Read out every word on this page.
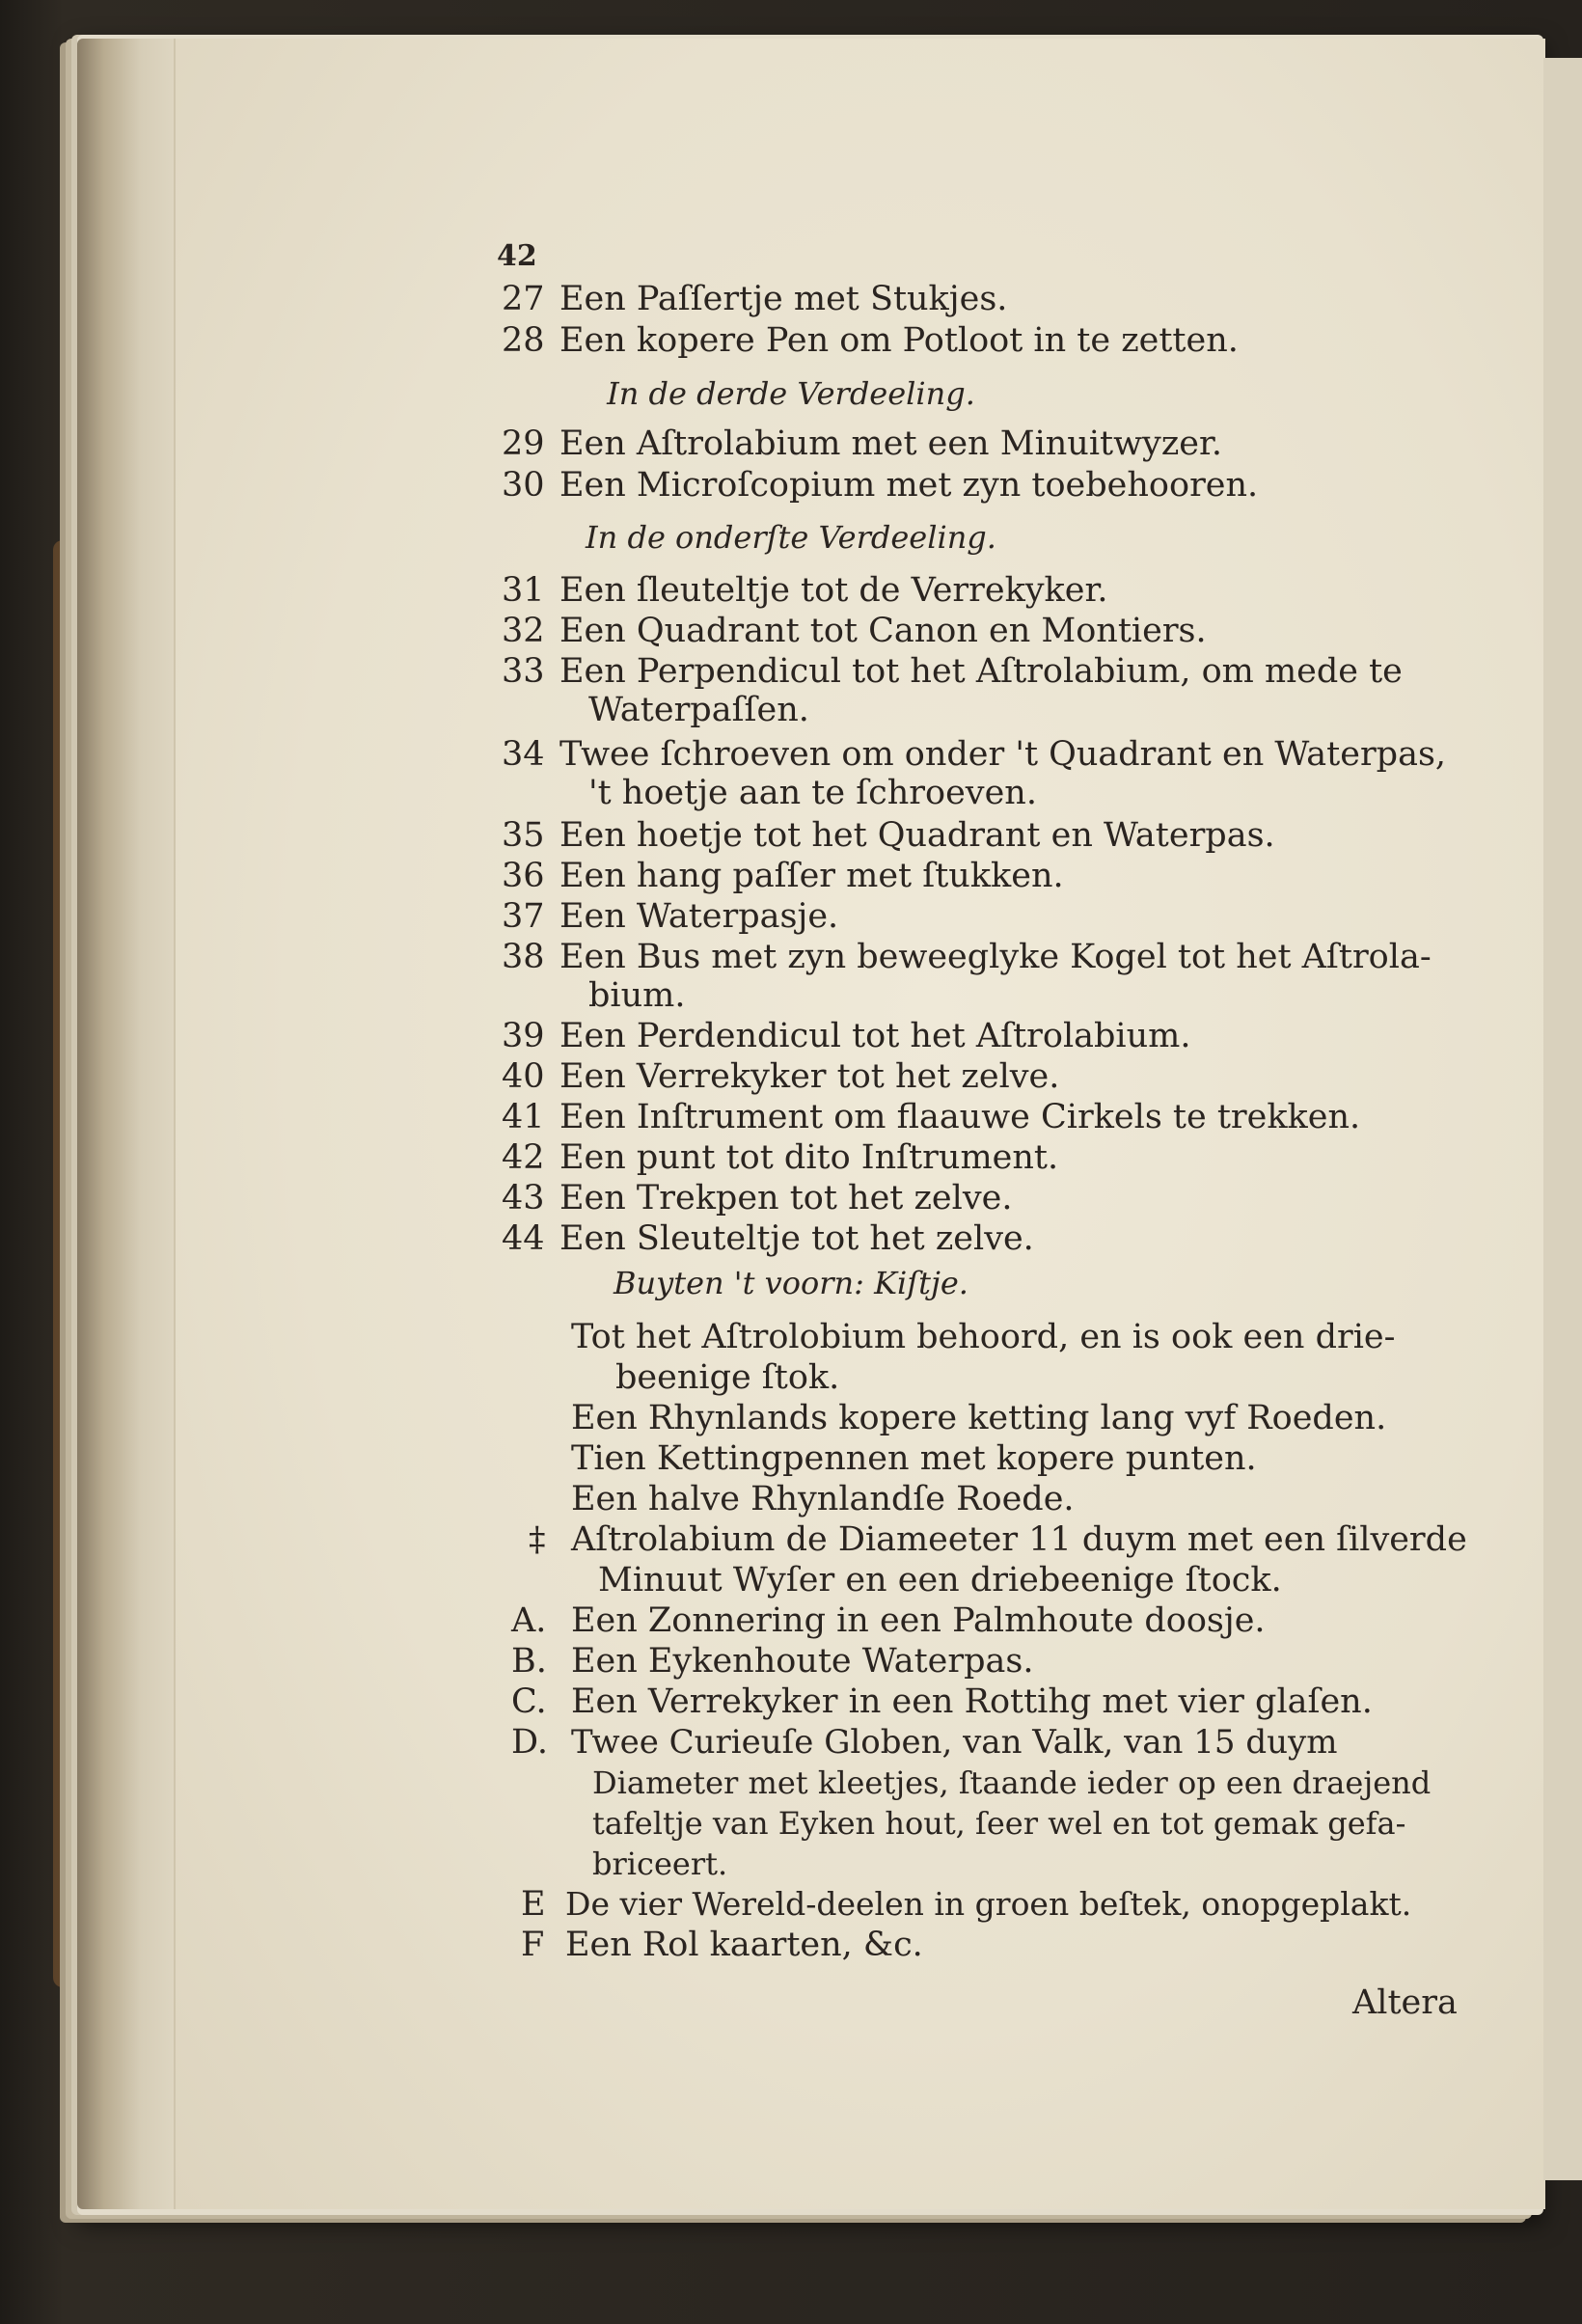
42
27 Een Paſſertje met Stukjes.
28 Een kopere Pen om Potloot in te zetten.
In de derde Verdeeling.
29 Een Aſtrolabium met een Minuitwyzer.
30 Een Microſcopium met zyn toebehooren.
In de onderſte Verdeeling.
31 Een ſleuteltje tot de Verrekyker.
32 Een Quadrant tot Canon en Montiers.
33 Een Perpendicul tot het Aſtrolabium, om mede te
Waterpaſſen.
34 Twee ſchroeven om onder 't Quadrant en Waterpas,
't hoetje aan te ſchroeven.
35 Een hoetje tot het Quadrant en Waterpas.
36 Een hang paſſer met ſtukken.
37 Een Waterpasje.
38 Een Bus met zyn beweeglyke Kogel tot het Aſtrola-
bium.
39 Een Perdendicul tot het Aſtrolabium.
40 Een Verrekyker tot het zelve.
41 Een Inſtrument om flaauwe Cirkels te trekken.
42 Een punt tot dito Inſtrument.
43 Een Trekpen tot het zelve.
44 Een Sleuteltje tot het zelve.
Buyten 't voorn: Kiſtje.
Tot het Aſtrolobium behoord, en is ook een drie-
beenige ſtok.
Een Rhynlands kopere ketting lang vyf Roeden.
Tien Kettingpennen met kopere punten.
Een halve Rhynlandſe Roede.
‡ Aſtrolabium de Diameeter 11 duym met een ſilverde
Minuut Wyſer en een driebeenige ſtock.
A. Een Zonnering in een Palmhoute doosje.
B. Een Eykenhoute Waterpas.
C. Een Verrekyker in een Rottihg met vier glaſen.
D. Twee Curieuſe Globen, van Valk, van 15 duym
Diameter met kleetjes, ſtaande ieder op een draejend
tafeltje van Eyken hout, ſeer wel en tot gemak gefa-
briceert.
E De vier Wereld-deelen in groen beſtek, onopgeplakt.
F Een Rol kaarten, &c.
Altera
